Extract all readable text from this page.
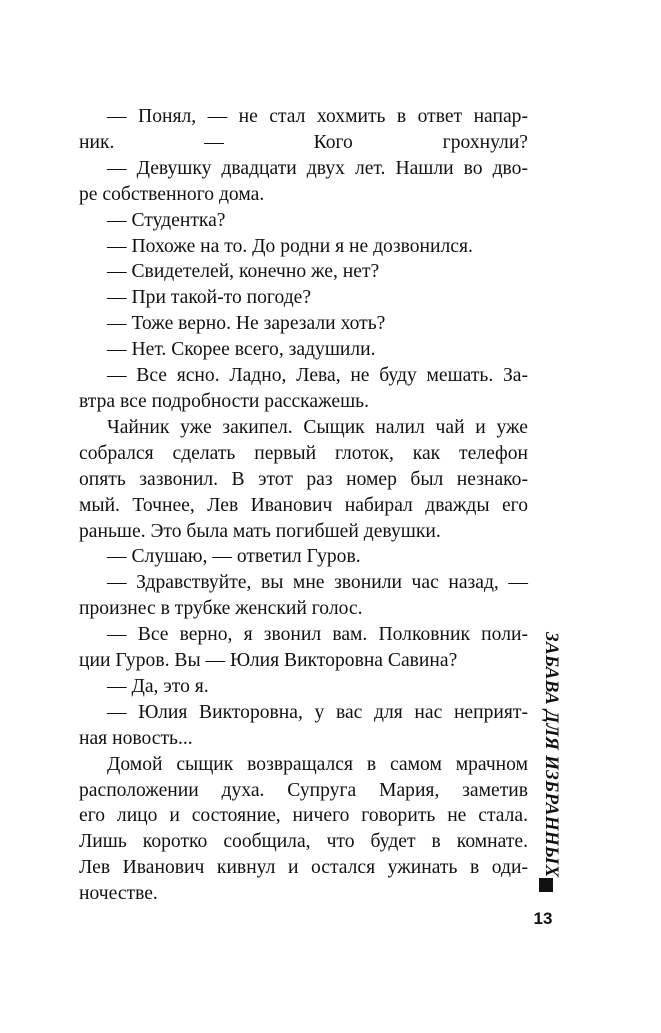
— Понял, — не стал хохмить в ответ напар-

ник. — Кого грохнули?

— Девушку двадцати двух лет. Нашли во дво-

ре собственного дома.

— Студентка?

— Похоже на то. До родни я не дозвонился.

— Свидетелей, конечно же, нет?

— При такой-то погоде?

— Тоже верно. Не зарезали хоть?

— Нет. Скорее всего, задушили.

— Все ясно. Ладно, Лева, не буду мешать. За-

втра все подробности расскажешь.

Чайник уже закипел. Сыщик налил чай и уже

собрался сделать первый глоток, как телефон

опять зазвонил. В этот раз номер был незнако-

мый. Точнее, Лев Иванович набирал дважды его

раньше. Это была мать погибшей девушки.

— Слушаю, — ответил Гуров.

— Здравствуйте, вы мне звонили час назад, —

произнес в трубке женский голос.

— Все верно, я звонил вам. Полковник поли-

ции Гуров. Вы — Юлия Викторовна Савина?

— Да, это я.

— Юлия Викторовна, у вас для нас неприят-

ная новость...

Домой сыщик возвращался в самом мрачном

расположении духа. Супруга Мария, заметив

его лицо и состояние, ничего говорить не стала.

Лишь коротко сообщила, что будет в комнате.

Лев Иванович кивнул и остался ужинать в оди-

ночестве.

ЗАБАВА ДЛЯ ИЗБРАННЫХ
13
